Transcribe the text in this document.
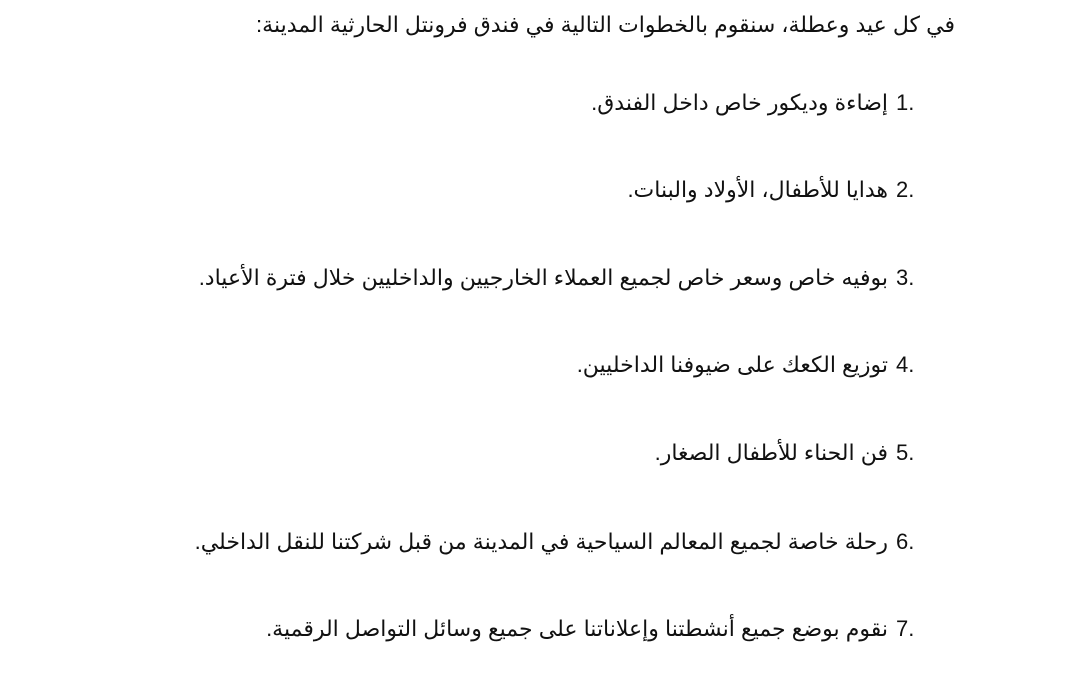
في كل عيد وعطلة، سنقوم بالخطوات التالية في فندق فرونتل الحارثية المدينة:
1.
إضاءة وديكور خاص داخل الفندق.
2.
هدايا للأطفال، الأولاد والبنات.
3.
بوفيه خاص وسعر خاص لجميع العملاء الخارجيين والداخليين خلال فترة الأعياد.
4.
توزيع الكعك على ضيوفنا الداخليين.
5.
فن الحناء للأطفال الصغار.
6.
رحلة خاصة لجميع المعالم السياحية في المدينة من قبل شركتنا للنقل الداخلي.
7.
نقوم بوضع جميع أنشطتنا وإعلاناتنا على جميع وسائل التواصل الرقمية.
